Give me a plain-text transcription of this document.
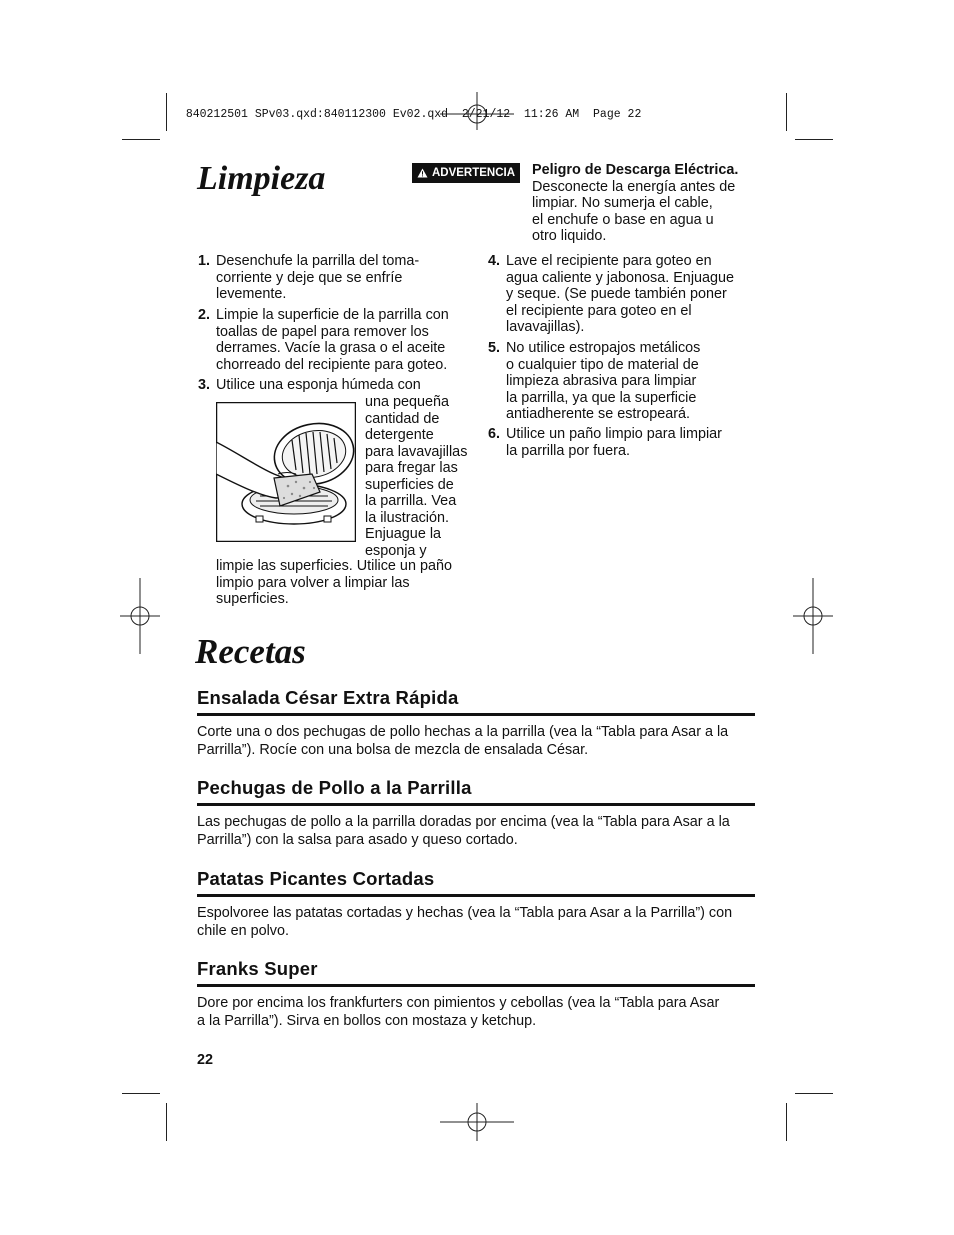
840212501 SPv03.qxd:840112300 Ev02.qxd 2/21/12 11:26 AM Page 22

Limpieza	ADVERTENCIA Peligro de Descarga Eléctrica.
Desconecte la energía antes de
limpiar. No sumerja el cable,
el enchufe o base en agua u
otro liquido.
1. Desenchufe la parrilla del toma-
corriente y deje que se enfríe
levemente.
2. Limpie la superficie de la parrilla con
toallas de papel para remover los
derrames. Vacíe la grasa o el aceite
chorreado del recipiente para goteo.
3. Utilice una esponja húmeda con
una pequeña
cantidad de
detergente
para lavavajillas
para fregar las
superficies de
la parrilla. Vea
la ilustración.
Enjuague la
esponja y
limpie las superficies. Utilice un paño
limpio para volver a limpiar las
superficies.
4. Lave el recipiente para goteo en
agua caliente y jabonosa. Enjuague
y seque. (Se puede también poner
el recipiente para goteo en el
lavavajillas).
5. No utilice estropajos metálicos
o cualquier tipo de material de
limpieza abrasiva para limpiar
la parrilla, ya que la superficie
antiadherente se estropeará.
6. Utilice un paño limpio para limpiar
la parrilla por fuera.
Recetas
Ensalada César Extra Rápida
Corte una o dos pechugas de pollo hechas a la parrilla (vea la “Tabla para Asar a la
Parrilla”). Rocíe con una bolsa de mezcla de ensalada César.
Pechugas de Pollo a la Parrilla
Las pechugas de pollo a la parrilla doradas por encima (vea la “Tabla para Asar a la
Parrilla”) con la salsa para asado y queso cortado.
Patatas Picantes Cortadas
Espolvoree las patatas cortadas y hechas (vea la “Tabla para Asar a la Parrilla”) con
chile en polvo.
Franks Super
Dore por encima los frankfurters con pimientos y cebollas (vea la “Tabla para Asar
a la Parrilla”). Sirva en bollos con mostaza y ketchup.
22
